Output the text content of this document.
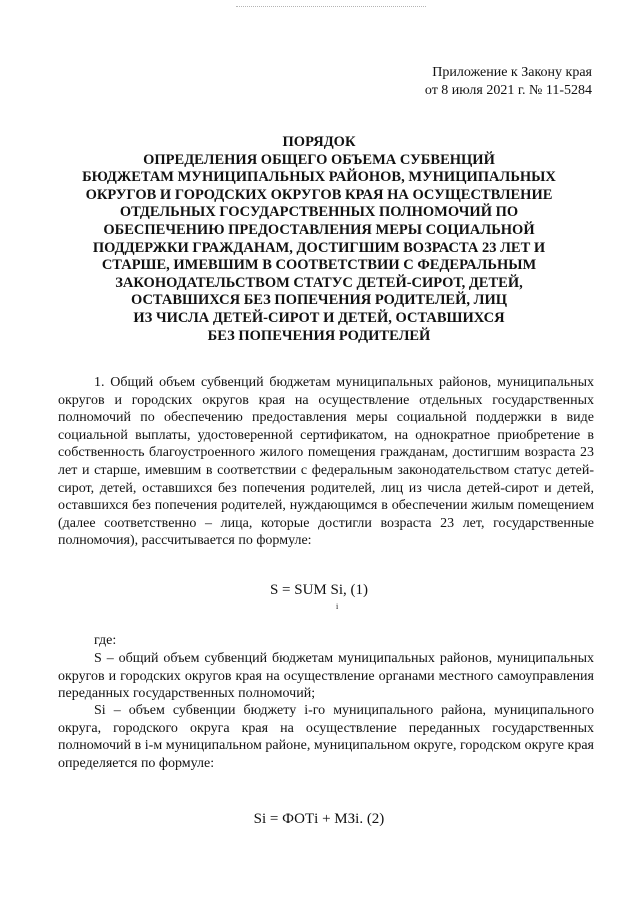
Приложение к Закону края
от 8 июля 2021 г. № 11-5284
ПОРЯДОК
ОПРЕДЕЛЕНИЯ ОБЩЕГО ОБЪЕМА СУБВЕНЦИЙ
БЮДЖЕТАМ МУНИЦИПАЛЬНЫХ РАЙОНОВ, МУНИЦИПАЛЬНЫХ
ОКРУГОВ И ГОРОДСКИХ ОКРУГОВ КРАЯ НА ОСУЩЕСТВЛЕНИЕ
ОТДЕЛЬНЫХ ГОСУДАРСТВЕННЫХ ПОЛНОМОЧИЙ ПО
ОБЕСПЕЧЕНИЮ ПРЕДОСТАВЛЕНИЯ МЕРЫ СОЦИАЛЬНОЙ
ПОДДЕРЖКИ ГРАЖДАНАМ, ДОСТИГШИМ ВОЗРАСТА 23 ЛЕТ И
СТАРШЕ, ИМЕВШИМ В СООТВЕТСТВИИ С ФЕДЕРАЛЬНЫМ
ЗАКОНОДАТЕЛЬСТВОМ СТАТУС ДЕТЕЙ-СИРОТ, ДЕТЕЙ,
ОСТАВШИХСЯ БЕЗ ПОПЕЧЕНИЯ РОДИТЕЛЕЙ, ЛИЦ
ИЗ ЧИСЛА ДЕТЕЙ-СИРОТ И ДЕТЕЙ, ОСТАВШИХСЯ
БЕЗ ПОПЕЧЕНИЯ РОДИТЕЛЕЙ

1. Общий объем субвенций бюджетам муниципальных районов, муниципальных округов и городских округов края на осуществление отдельных государственных полномочий по обеспечению предоставления меры социальной поддержки в виде социальной выплаты, удостоверенной сертификатом, на однократное приобретение в собственность благоустроенного жилого помещения гражданам, достигшим возраста 23 лет и старше, имевшим в соответствии с федеральным законодательством статус детей-сирот, детей, оставшихся без попечения родителей, лиц из числа детей-сирот и детей, оставшихся без попечения родителей, нуждающимся в обеспечении жилым помещением (далее соответственно – лица, которые достигли возраста 23 лет, государственные полномочия), рассчитывается по формуле:

S = SUM Si, (1)
i

где:

S – общий объем субвенций бюджетам муниципальных районов, муниципальных округов и городских округов края на осуществление органами местного самоуправления переданных государственных полномочий;

Si – объем субвенции бюджету i-го муниципального района, муниципального округа, городского округа края на осуществление переданных государственных полномочий в i-м муниципальном районе, муниципальном округе, городском округе края определяется по формуле:

Si = ФОТi + МЗi. (2)
